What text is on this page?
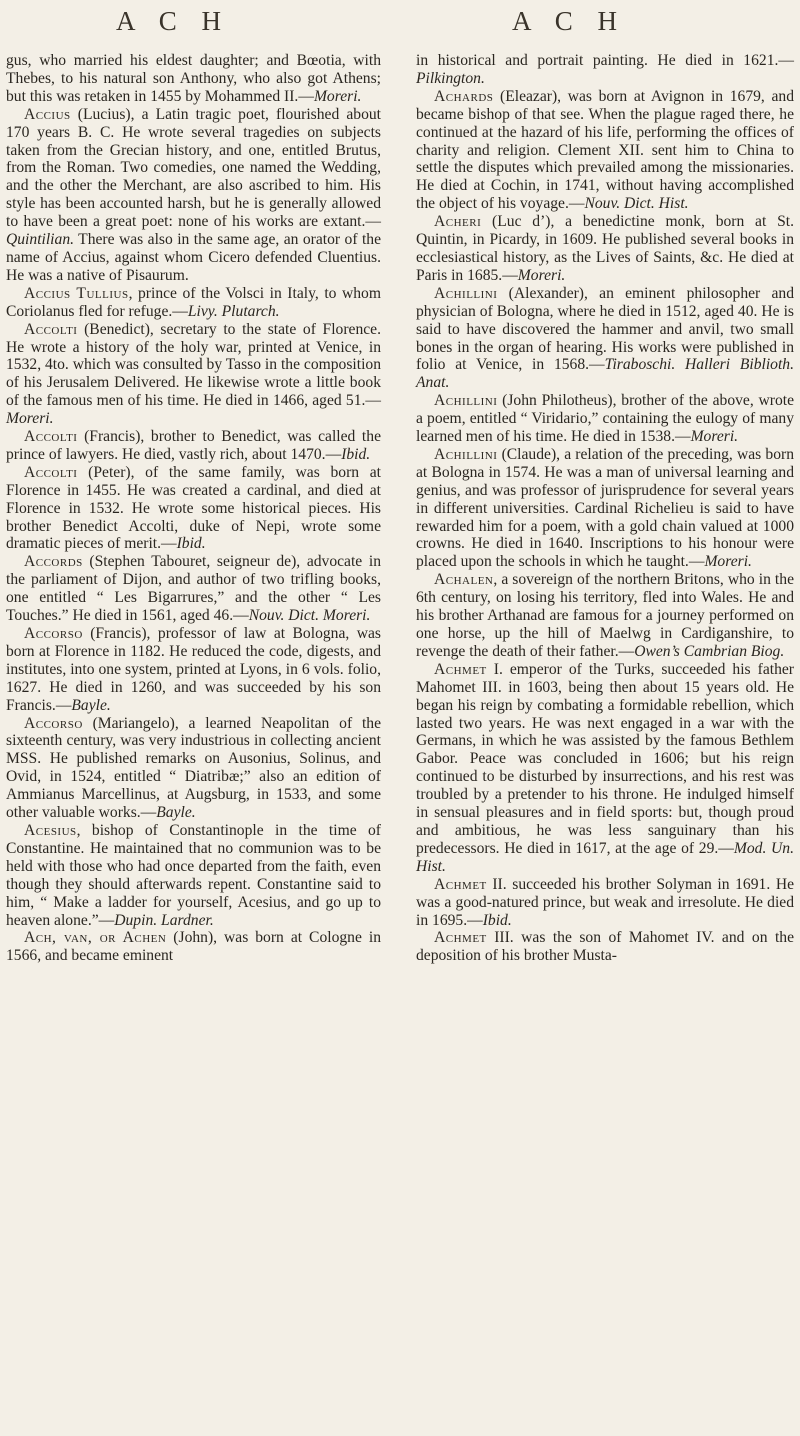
A C H	A C H

gus, who married his eldest daughter; and Bœotia, with Thebes, to his natural son Anthony, who also got Athens; but this was retaken in 1455 by Mohammed II.—Moreri.

Accius (Lucius), a Latin tragic poet, flourished about 170 years B. C. He wrote several tragedies on subjects taken from the Grecian history, and one, entitled Brutus, from the Roman. Two comedies, one named the Wedding, and the other the Merchant, are also ascribed to him. His style has been accounted harsh, but he is generally allowed to have been a great poet: none of his works are extant.—Quintilian. There was also in the same age, an orator of the name of Accius, against whom Cicero defended Cluentius. He was a native of Pisaurum.

Accius Tullius, prince of the Volsci in Italy, to whom Coriolanus fled for refuge.—Livy. Plutarch.

Accolti (Benedict), secretary to the state of Florence. He wrote a history of the holy war, printed at Venice, in 1532, 4to. which was consulted by Tasso in the composition of his Jerusalem Delivered. He likewise wrote a little book of the famous men of his time. He died in 1466, aged 51.—Moreri.

Accolti (Francis), brother to Benedict, was called the prince of lawyers. He died, vastly rich, about 1470.—Ibid.

Accolti (Peter), of the same family, was born at Florence in 1455. He was created a cardinal, and died at Florence in 1532. He wrote some historical pieces. His brother Benedict Accolti, duke of Nepi, wrote some dramatic pieces of merit.—Ibid.

Accords (Stephen Tabouret, seigneur de), advocate in the parliament of Dijon, and author of two trifling books, one entitled “ Les Bigarrures,” and the other “ Les Touches.” He died in 1561, aged 46.—Nouv. Dict. Moreri.

Accorso (Francis), professor of law at Bologna, was born at Florence in 1182. He reduced the code, digests, and institutes, into one system, printed at Lyons, in 6 vols. folio, 1627. He died in 1260, and was succeeded by his son Francis.—Bayle.

Accorso (Mariangelo), a learned Neapolitan of the sixteenth century, was very industrious in collecting ancient MSS. He published remarks on Ausonius, Solinus, and Ovid, in 1524, entitled “ Diatribæ;” also an edition of Ammianus Marcellinus, at Augsburg, in 1533, and some other valuable works.—Bayle.

Acesius, bishop of Constantinople in the time of Constantine. He maintained that no communion was to be held with those who had once departed from the faith, even though they should afterwards repent. Constantine said to him, “ Make a ladder for yourself, Acesius, and go up to heaven alone.”—Dupin. Lardner.

Ach, van, or Achen (John), was born at Cologne in 1566, and became eminent

in historical and portrait painting. He died in 1621.—Pilkington.

Achards (Eleazar), was born at Avignon in 1679, and became bishop of that see. When the plague raged there, he continued at the hazard of his life, performing the offices of charity and religion. Clement XII. sent him to China to settle the disputes which prevailed among the missionaries. He died at Cochin, in 1741, without having accomplished the object of his voyage.—Nouv. Dict. Hist.

Acheri (Luc d’), a benedictine monk, born at St. Quintin, in Picardy, in 1609. He published several books in ecclesiastical history, as the Lives of Saints, &c. He died at Paris in 1685.—Moreri.

Achillini (Alexander), an eminent philosopher and physician of Bologna, where he died in 1512, aged 40. He is said to have discovered the hammer and anvil, two small bones in the organ of hearing. His works were published in folio at Venice, in 1568.—Tiraboschi. Halleri Biblioth. Anat.

Achillini (John Philotheus), brother of the above, wrote a poem, entitled “ Viridario,” containing the eulogy of many learned men of his time. He died in 1538.—Moreri.

Achillini (Claude), a relation of the preceding, was born at Bologna in 1574. He was a man of universal learning and genius, and was professor of jurisprudence for several years in different universities. Cardinal Richelieu is said to have rewarded him for a poem, with a gold chain valued at 1000 crowns. He died in 1640. Inscriptions to his honour were placed upon the schools in which he taught.—Moreri.

Achalen, a sovereign of the northern Britons, who in the 6th century, on losing his territory, fled into Wales. He and his brother Arthanad are famous for a journey performed on one horse, up the hill of Maelwg in Cardiganshire, to revenge the death of their father.—Owen’s Cambrian Biog.

Achmet I. emperor of the Turks, succeeded his father Mahomet III. in 1603, being then about 15 years old. He began his reign by combating a formidable rebellion, which lasted two years. He was next engaged in a war with the Germans, in which he was assisted by the famous Bethlem Gabor. Peace was concluded in 1606; but his reign continued to be disturbed by insurrections, and his rest was troubled by a pretender to his throne. He indulged himself in sensual pleasures and in field sports: but, though proud and ambitious, he was less sanguinary than his predecessors. He died in 1617, at the age of 29.—Mod. Un. Hist.

Achmet II. succeeded his brother Solyman in 1691. He was a good-natured prince, but weak and irresolute. He died in 1695.—Ibid.

Achmet III. was the son of Mahomet IV. and on the deposition of his brother Musta-
